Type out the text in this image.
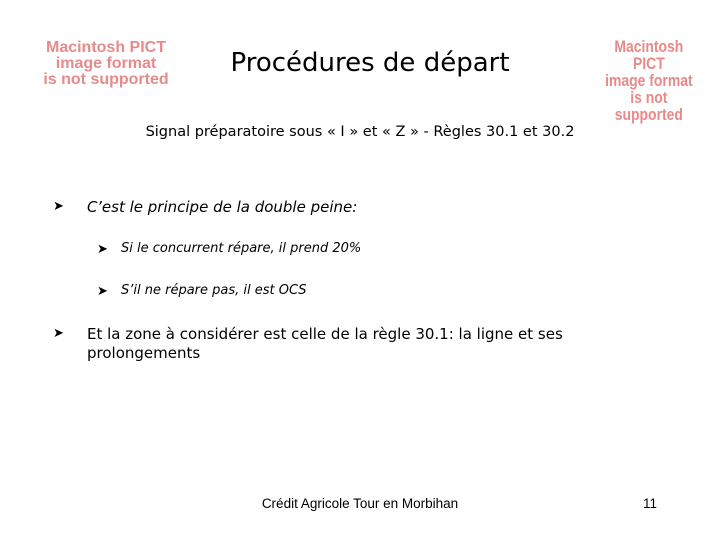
Macintosh PICT
image format
is not supported
Macintosh PICT
image format
is not supported
Procédures de départ
Signal préparatoire sous « I » et « Z » - Règles 30.1 et 30.2
➤	C’est le principe de la double peine:
➤	Si le concurrent répare, il prend 20%
➤	S’il ne répare pas, il est OCS
➤	Et la zone à considérer est celle de la règle 30.1: la ligne et ses prolongements
Crédit Agricole Tour en Morbihan	11
